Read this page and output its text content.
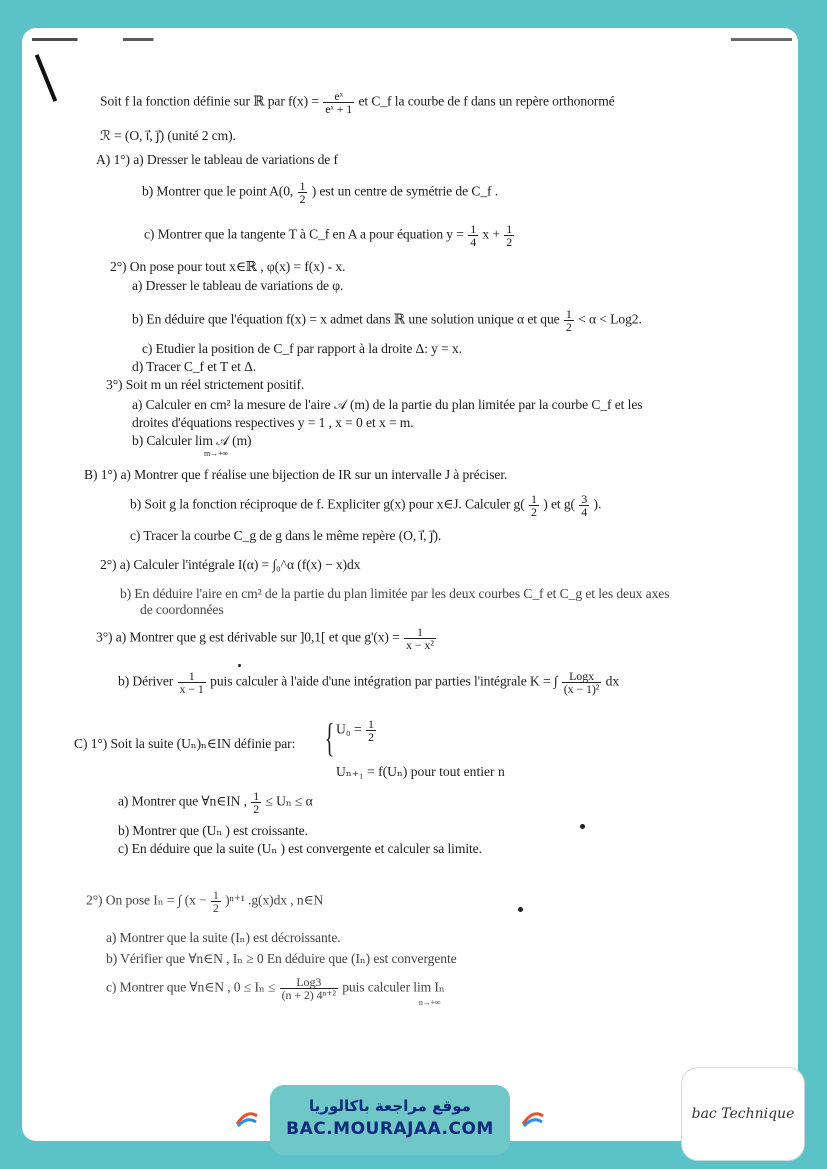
Soit f la fonction définie sur ℝ par $f(x) = \frac{\text{eˣ}}{\text{eˣ + 1}}$ et C_f la courbe de f dans un repère orthonormé
ℛ = (O, i⃗, j⃗) (unité 2 cm).
A) 1°) a) Dresser le tableau de variations de f
b) Montrer que le point A(0, $\frac{1}{2}$ ) est un centre de symétrie de C_f .
c) Montrer que la tangente T à C_f en A a pour équation $y = \frac{1}{4}$ $x + \frac{1}{2}$
2°) On pose pour tout x∈ℝ , φ(x) = f(x) - x.
a) Dresser le tableau de variations de φ.
b) En déduire que l'équation f(x) = x admet dans ℝ une solution unique α et que $\frac{1}{2} < \alpha < Log2$.
c) Etudier la position de C_f par rapport à la droite Δ: y = x.
d) Tracer C_f et T et Δ.
3°) Soit m un réel strictement positif.
a) Calculer en cm² la mesure de l'aire 𝒜 (m) de la partie du plan limitée par la courbe C_f et les
droites d'équations respectives y = 1 , x = 0 et x = m.
b) Calculer lim 𝒜 (m)
m→+∞
B) 1°) a) Montrer que f réalise une bijection de IR sur un intervalle J à préciser.
b) Soit g la fonction réciproque de f. Expliciter g(x) pour x∈J. Calculer $g( \frac{1}{2}$ ) et $g( \frac{3}{4}$ ).
c) Tracer la courbe C_g de g dans le même repère (O, i⃗, j⃗).
2°) a) Calculer l'intégrale I(α) = ∫₀^α (f(x) − x)dx
b) En déduire l'aire en cm² de la partie du plan limitée par les deux courbes C_f et C_g et les deux axes
de coordonnées
3°) a) Montrer que g est dérivable sur ]0,1[ et que $g'(x) = \frac{1}{\text{x − x²}}$
b) Dériver $\frac{1}{x - 1}$ puis calculer à l'aide d'une intégration par parties l'intégrale K = ∫ $\frac{\text{Logx}}{\text{(x − 1)²}}$ dx
C) 1°) Soit la suite (Uₙ)ₙ∈IN définie par: { $U_0 = \frac{1}{2}$
Uₙ₊₁ = f(Uₙ) pour tout entier n
a) Montrer que ∀n∈IN , $\frac{1}{2} \le U_n \le \alpha$
b) Montrer que (Uₙ ) est croissante.
c) En déduire que la suite (Uₙ ) est convergente et calculer sa limite.
2°) On pose Iₙ = ∫ $(x - \frac{1}{2} )^{n+1}$ .g(x)dx , n∈N
a) Montrer que la suite (Iₙ) est décroissante.
b) Vérifier que ∀n∈N , Iₙ ≥ 0 En déduire que (Iₙ) est convergente
c) Montrer que ∀n∈N , $0 \le I_n \le \frac{\text{Log3}}{\text{(n + 2) 4ⁿ⁺²}}$ puis calculer lim Iₙ
n→+∞
موقع مراجعة باكالوريا
BAC.MOURAJAA.COM
bac Technique
